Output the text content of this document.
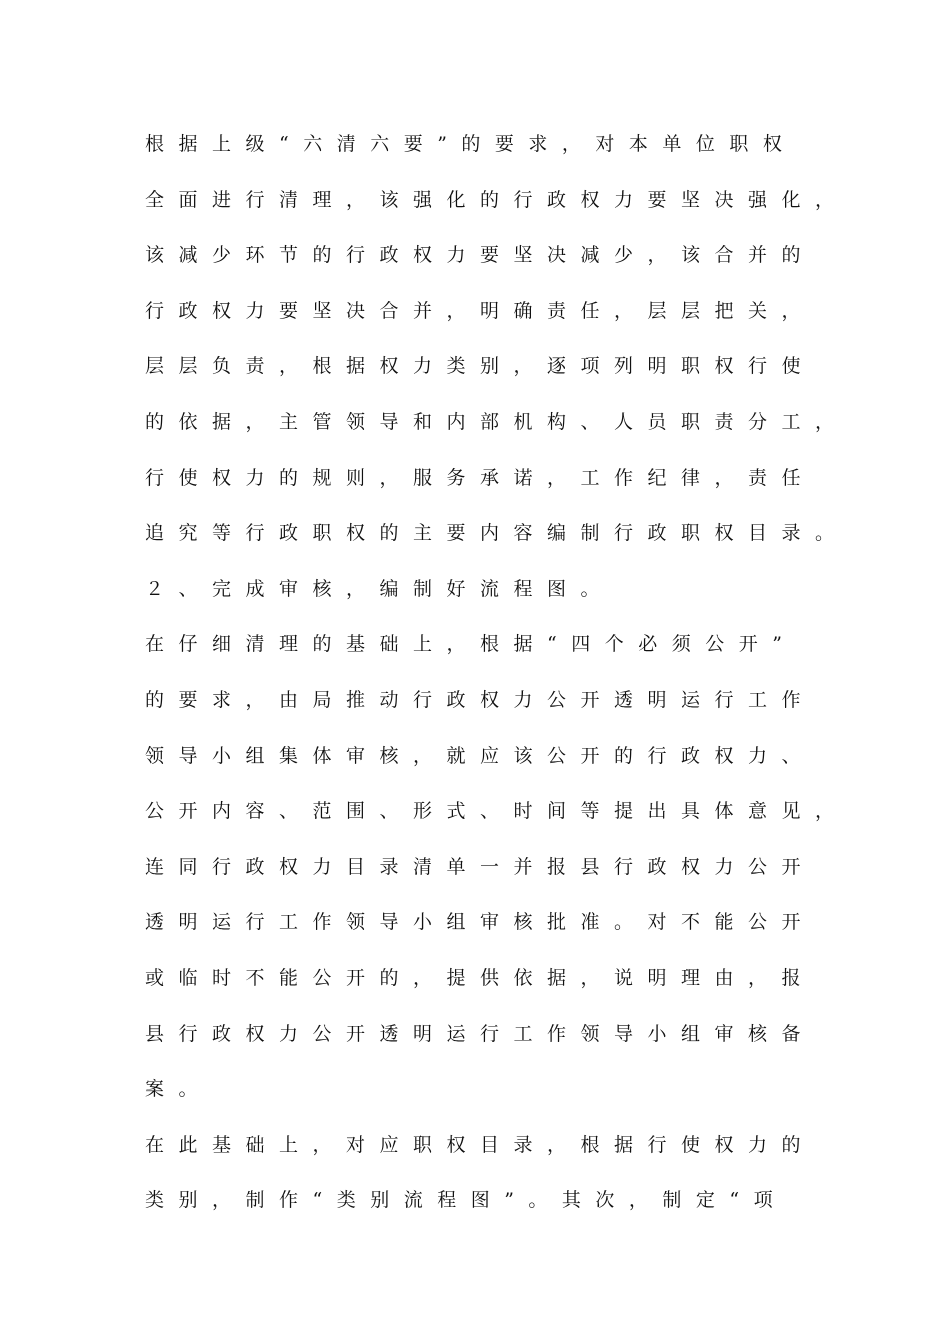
根据上级“六清六要”的要求，对本单位职权
全面进行清理，该强化的行政权力要坚决强化，
该减少环节的行政权力要坚决减少，该合并的
行政权力要坚决合并，明确责任，层层把关，
层层负责，根据权力类别，逐项列明职权行使
的依据，主管领导和内部机构、人员职责分工，
行使权力的规则，服务承诺，工作纪律，责任
追究等行政职权的主要内容编制行政职权目录。
２、完成审核，编制好流程图。
在仔细清理的基础上，根据“四个必须公开”
的要求，由局推动行政权力公开透明运行工作
领导小组集体审核，就应该公开的行政权力、
公开内容、范围、形式、时间等提出具体意见，
连同行政权力目录清单一并报县行政权力公开
透明运行工作领导小组审核批准。对不能公开
或临时不能公开的，提供依据，说明理由，报
县行政权力公开透明运行工作领导小组审核备
案。
在此基础上，对应职权目录，根据行使权力的
类别，制作“类别流程图”。其次，制定“项
